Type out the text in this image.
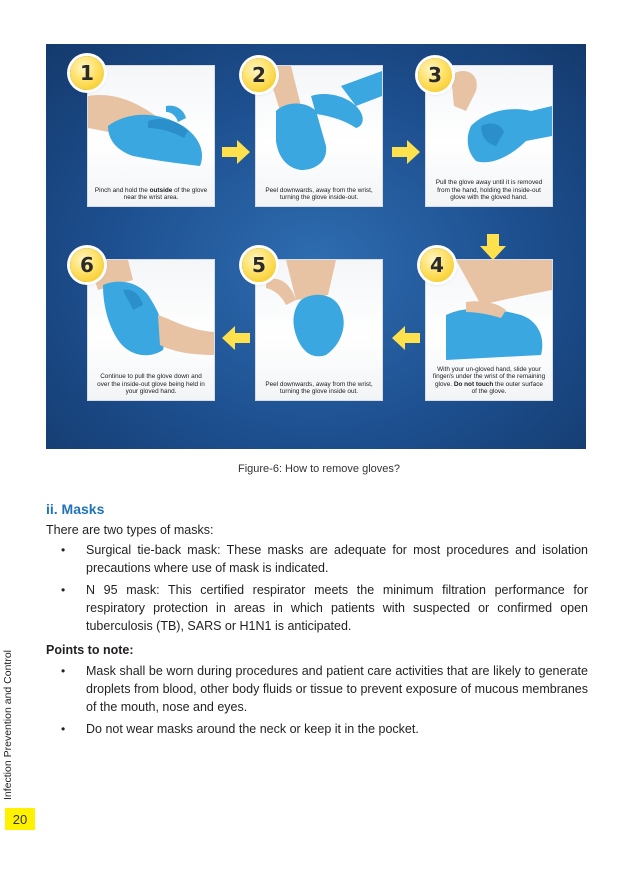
Pinch and hold the outside of the glove near the wrist area.
1
Peel downwards, away from the wrist, turning the glove inside-out.
2
Pull the glove away until it is removed from the hand, holding the inside-out glove with the gloved hand.
3
Continue to pull the glove down and over the inside-out glove being held in your gloved hand.
6
Peel downwards, away from the wrist, turning the glove inside out.
5
With your un-gloved hand, slide your finger/s under the wrist of the remaining glove. Do not touch the outer surface of the glove.
4
Figure-6: How to remove gloves?
ii. Masks
There are two types of masks:
• Surgical tie-back mask: These masks are adequate for most procedures and isolation precautions where use of mask is indicated.
• N 95 mask: This certified respirator meets the minimum filtration performance for respiratory protection in areas in which patients with suspected or confirmed open tuberculosis (TB), SARS or H1N1 is anticipated.
Points to note:
• Mask shall be worn during procedures and patient care activities that are likely to generate droplets from blood, other body fluids or tissue to prevent exposure of mucous membranes of the mouth, nose and eyes.
• Do not wear masks around the neck or keep it in the pocket.
Infection Prevention and Control
20
